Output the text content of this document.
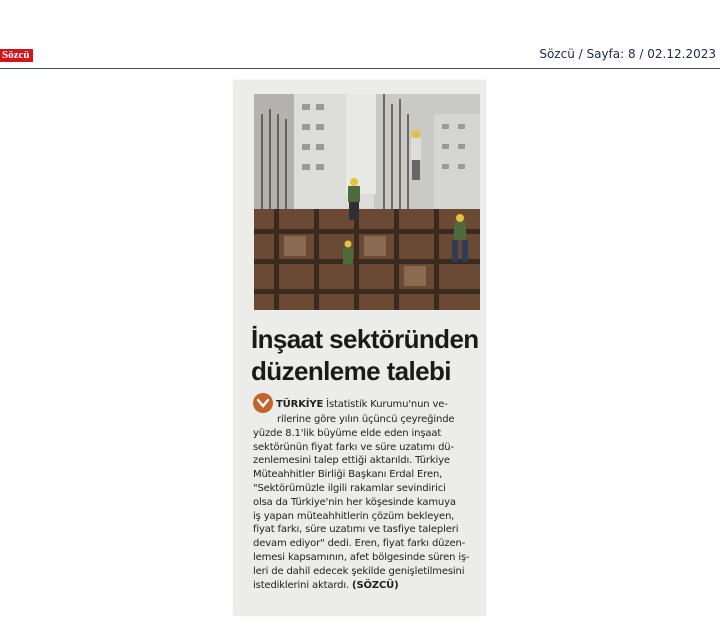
Sözcü	Sözcü / Sayfa: 8 / 02.12.2023
İnşaat sektöründen
düzenleme talebi
TÜRKİYE İstatistik Kurumu'nun ve-
rilerine göre yılın üçüncü çeyreğinde
yüzde 8.1'lik büyüme elde eden inşaat
sektörünün fiyat farkı ve süre uzatımı dü-
zenlemesini talep ettiği aktarıldı. Türkiye
Müteahhitler Birliği Başkanı Erdal Eren,
"Sektörümüzle ilgili rakamlar sevindirici
olsa da Türkiye'nin her köşesinde kamuya
iş yapan müteahhitlerin çözüm bekleyen,
fiyat farkı, süre uzatımı ve tasfiye talepleri
devam ediyor" dedi. Eren, fiyat farkı düzen-
lemesi kapsamının, afet bölgesinde süren iş-
leri de dahil edecek şekilde genişletilmesini
istediklerini aktardı. (SÖZCÜ)
